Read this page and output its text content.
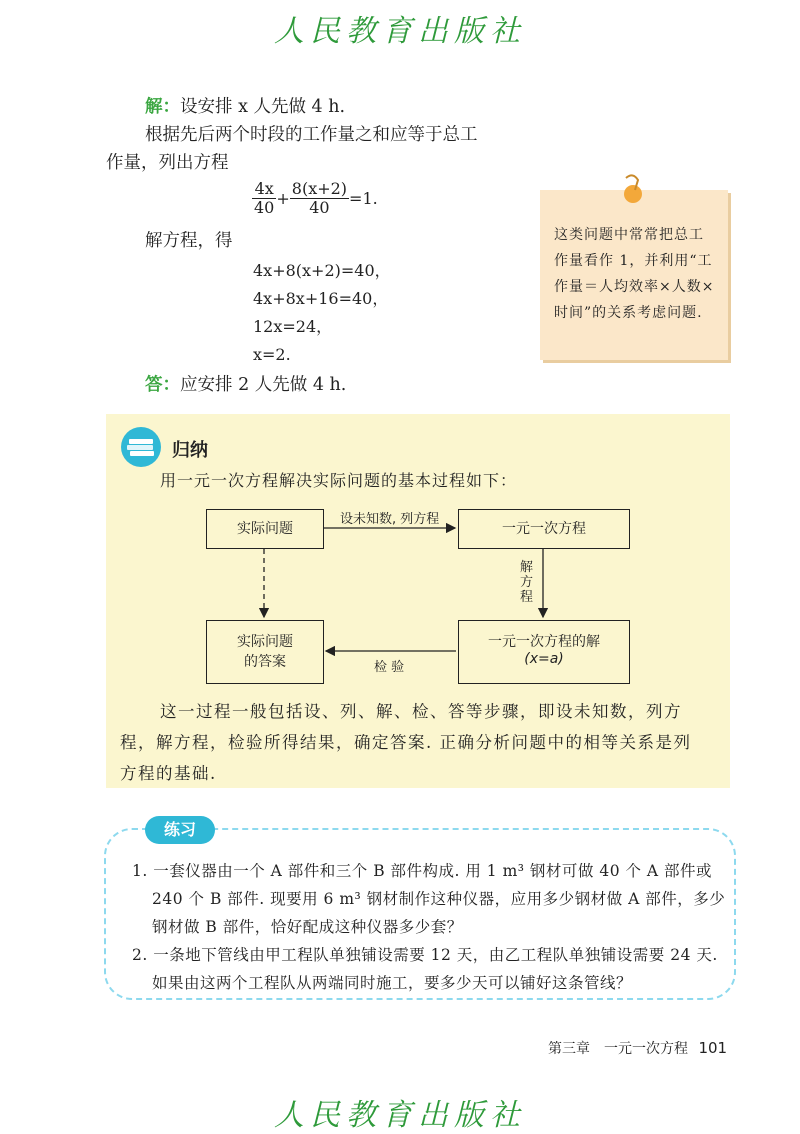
人民教育出版社
解：设安排 x 人先做 4 h.
根据先后两个时段的工作量之和应等于总工
作量，列出方程
$\frac{4x}{40} + \frac{8(x+2)}{40} =1$.
解方程，得
4x+8(x+2)=40，
4x+8x+16=40，
12x=24，
x=2.
答：应安排 2 人先做 4 h.
这类问题中常常把总工作量看作 1，并利用“工作量＝人均效率×人数×时间”的关系考虑问题.
归纳
用一元一次方程解决实际问题的基本过程如下：
实际问题	一元一次方程
实际问题
的答案
一元一次方程的解
(x=a)
设未知数, 列方程
解方程
检 验
这一过程一般包括设、列、解、检、答等步骤，即设未知数，列方
程，解方程，检验所得结果，确定答案. 正确分析问题中的相等关系是列
方程的基础.
练习
1. 一套仪器由一个 A 部件和三个 B 部件构成. 用 1 m³ 钢材可做 40 个 A 部件或
240 个 B 部件. 现要用 6 m³ 钢材制作这种仪器，应用多少钢材做 A 部件，多少
钢材做 B 部件，恰好配成这种仪器多少套？
2. 一条地下管线由甲工程队单独铺设需要 12 天，由乙工程队单独铺设需要 24 天.
如果由这两个工程队从两端同时施工，要多少天可以铺好这条管线？
第三章　一元一次方程 101
人民教育出版社
